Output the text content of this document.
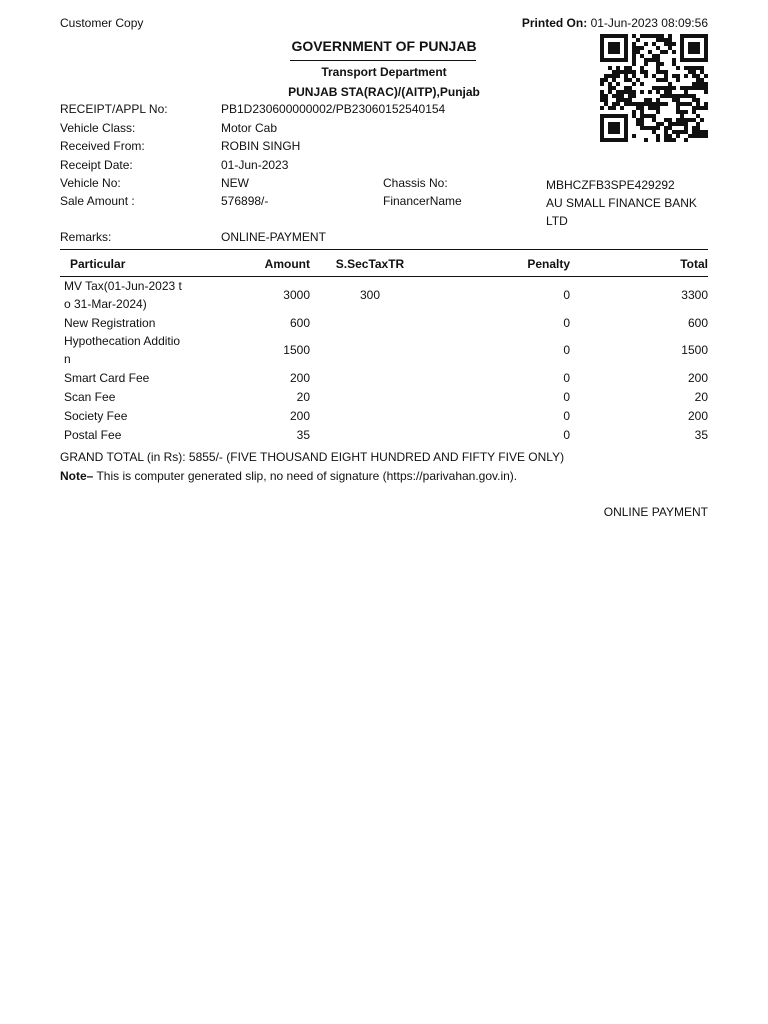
Customer Copy	Printed On: 01-Jun-2023 08:09:56
GOVERNMENT OF PUNJAB
Transport Department
PUNJAB STA(RAC)/(AITP),Punjab
RECEIPT/APPL No:	PB1D230600000002/PB23060152540154
Vehicle Class:	Motor Cab
Received From:	ROBIN SINGH
Receipt Date:	01-Jun-2023
Vehicle No:	NEW	Chassis No:	MBHCZFB3SPE429292
Sale Amount :	576898/-	FinancerName	AU SMALL FINANCE BANK LTD
Remarks:	ONLINE-PAYMENT
Particular	Amount	S.SecTaxTR	Penalty	Total
MV Tax(01-Jun-2023 t
o 31-Mar-2024)	3000	300	0	3300
New Registration	600		0	600
Hypothecation Additio
n	1500		0	1500
Smart Card Fee	200		0	200
Scan Fee	20		0	20
Society Fee	200		0	200
Postal Fee	35		0	35
GRAND TOTAL (in Rs): 5855/- (FIVE THOUSAND EIGHT HUNDRED AND FIFTY FIVE ONLY)
Note– This is computer generated slip, no need of signature (https://parivahan.gov.in).
ONLINE PAYMENT
